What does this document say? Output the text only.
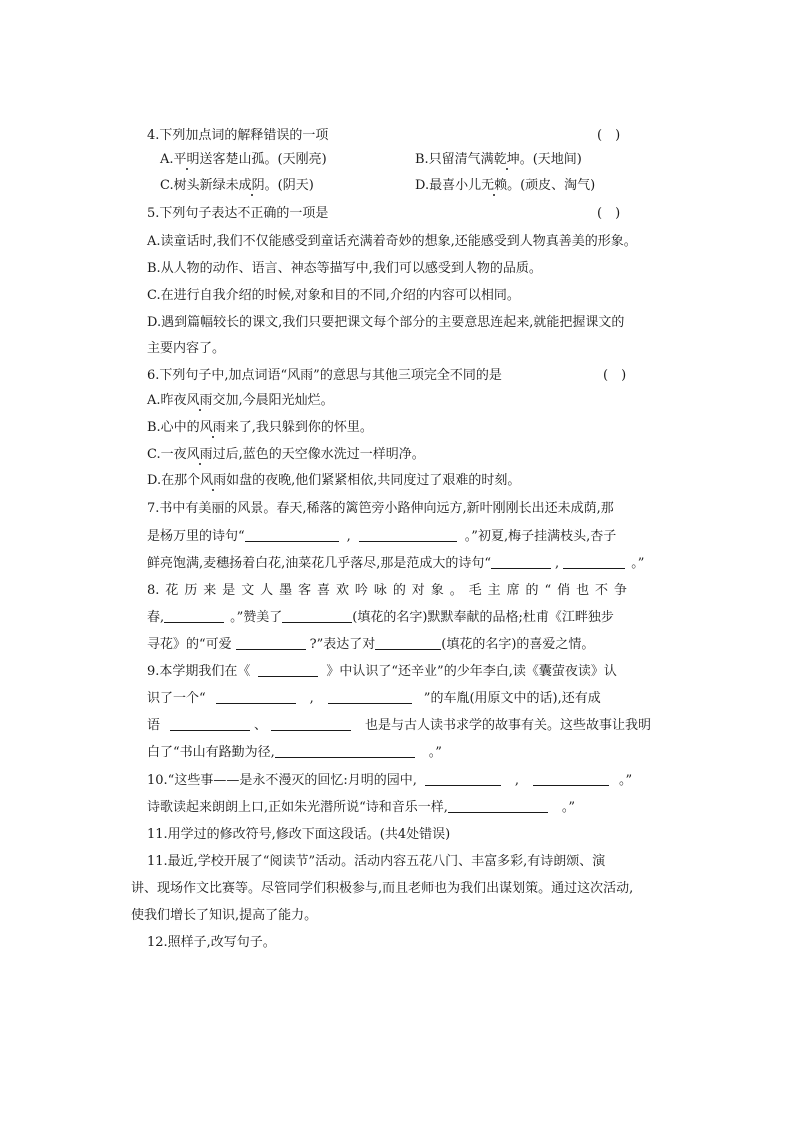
4.下列加点词的解释错误的一项	(　)
A.平明送客楚山孤。(天刚亮)	B.只留清气满乾坤。(天地间)
C.树头新绿未成阴。(阴天)	D.最喜小儿无赖。(顽皮、淘气)
5.下列句子表达不正确的一项是	(　)
A.读童话时,我们不仅能感受到童话充满着奇妙的想象,还能感受到人物真善美的形象。
B.从人物的动作、语言、神态等描写中,我们可以感受到人物的品质。
C.在进行自我介绍的时候,对象和目的不同,介绍的内容可以相同。
D.遇到篇幅较长的课文,我们只要把课文每个部分的主要意思连起来,就能把握课文的
主要内容了。
6.下列句子中,加点词语“风雨”的意思与其他三项完全不同的是	(　)
A.昨夜风雨交加,今晨阳光灿烂。
B.心中的风雨来了,我只躲到你的怀里。
C.一夜风雨过后,蓝色的天空像水洗过一样明净。
D.在那个风雨如盘的夜晚,他们紧紧相依,共同度过了艰难的时刻。
7.书中有美丽的风景。春天,稀落的篱笆旁小路伸向远方,新叶刚刚长出还未成荫,那
是杨万里的诗句“	,	。”初夏,梅子挂满枝头,杏子
鲜亮饱满,麦穗扬着白花,油菜花几乎落尽,那是范成大的诗句“	,	。”
8.花历来是文人墨客喜欢吟咏的对象。毛主席的“俏也不争
春,	。”赞美了	(填花的名字)默默奉献的品格;杜甫《江畔独步
寻花》的“可爱	?”表达了对	(填花的名字)的喜爱之情。
9.本学期我们在《	》中认识了“还辛业”的少年李白,读《囊萤夜读》认
识了一个“	,	”的车胤(用原文中的话),还有成
语	、	也是与古人读书求学的故事有关。这些故事让我明
白了“书山有路勤为径,	。”
10.“这些事——是永不漫灭的回忆:月明的园中,	,	。”
诗歌读起来朗朗上口,正如朱光潜所说“诗和音乐一样,	。”
11.用学过的修改符号,修改下面这段话。(共4处错误)
11.最近,学校开展了“阅读节”活动。活动内容五花八门、丰富多彩,有诗朗颂、演
讲、现场作文比赛等。尽管同学们积极参与,而且老师也为我们出谋划策。通过这次活动,
使我们增长了知识,提高了能力。
12.照样子,改写句子。
